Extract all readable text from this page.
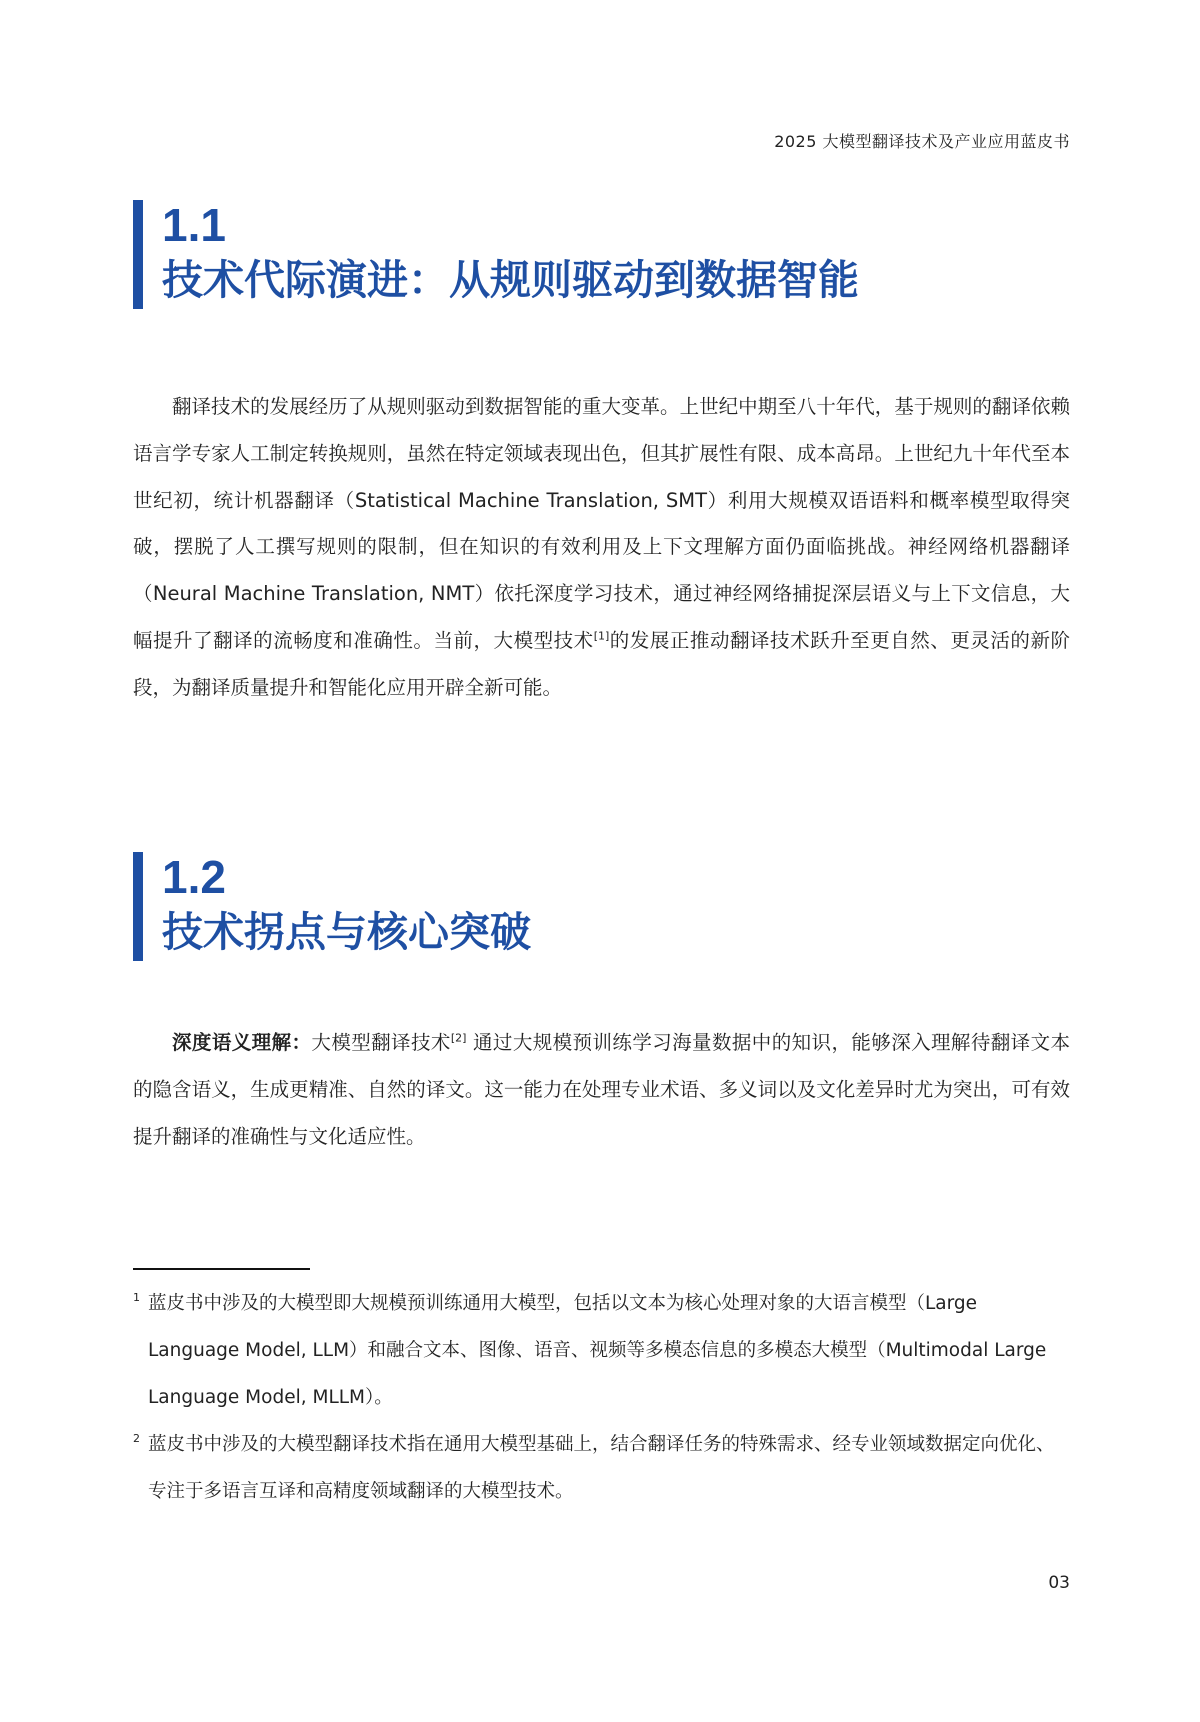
2025 大模型翻译技术及产业应用蓝皮书
1.1
技术代际演进：从规则驱动到数据智能
翻译技术的发展经历了从规则驱动到数据智能的重大变革。上世纪中期至八十年代，基于规则的翻译依赖语言学专家人工制定转换规则，虽然在特定领域表现出色，但其扩展性有限、成本高昂。上世纪九十年代至本世纪初，统计机器翻译（Statistical Machine Translation, SMT）利用大规模双语语料和概率模型取得突破，摆脱了人工撰写规则的限制，但在知识的有效利用及上下文理解方面仍面临挑战。神经网络机器翻译（Neural Machine Translation, NMT）依托深度学习技术，通过神经网络捕捉深层语义与上下文信息，大幅提升了翻译的流畅度和准确性。当前，大模型技术[1]的发展正推动翻译技术跃升至更自然、更灵活的新阶段，为翻译质量提升和智能化应用开辟全新可能。
1.2
技术拐点与核心突破
深度语义理解：大模型翻译技术[2] 通过大规模预训练学习海量数据中的知识，能够深入理解待翻译文本的隐含语义，生成更精准、自然的译文。这一能力在处理专业术语、多义词以及文化差异时尤为突出，可有效提升翻译的准确性与文化适应性。
1 蓝皮书中涉及的大模型即大规模预训练通用大模型，包括以文本为核心处理对象的大语言模型（Large Language Model, LLM）和融合文本、图像、语音、视频等多模态信息的多模态大模型（Multimodal Large Language Model, MLLM）。
2 蓝皮书中涉及的大模型翻译技术指在通用大模型基础上，结合翻译任务的特殊需求、经专业领域数据定向优化、专注于多语言互译和高精度领域翻译的大模型技术。
03
